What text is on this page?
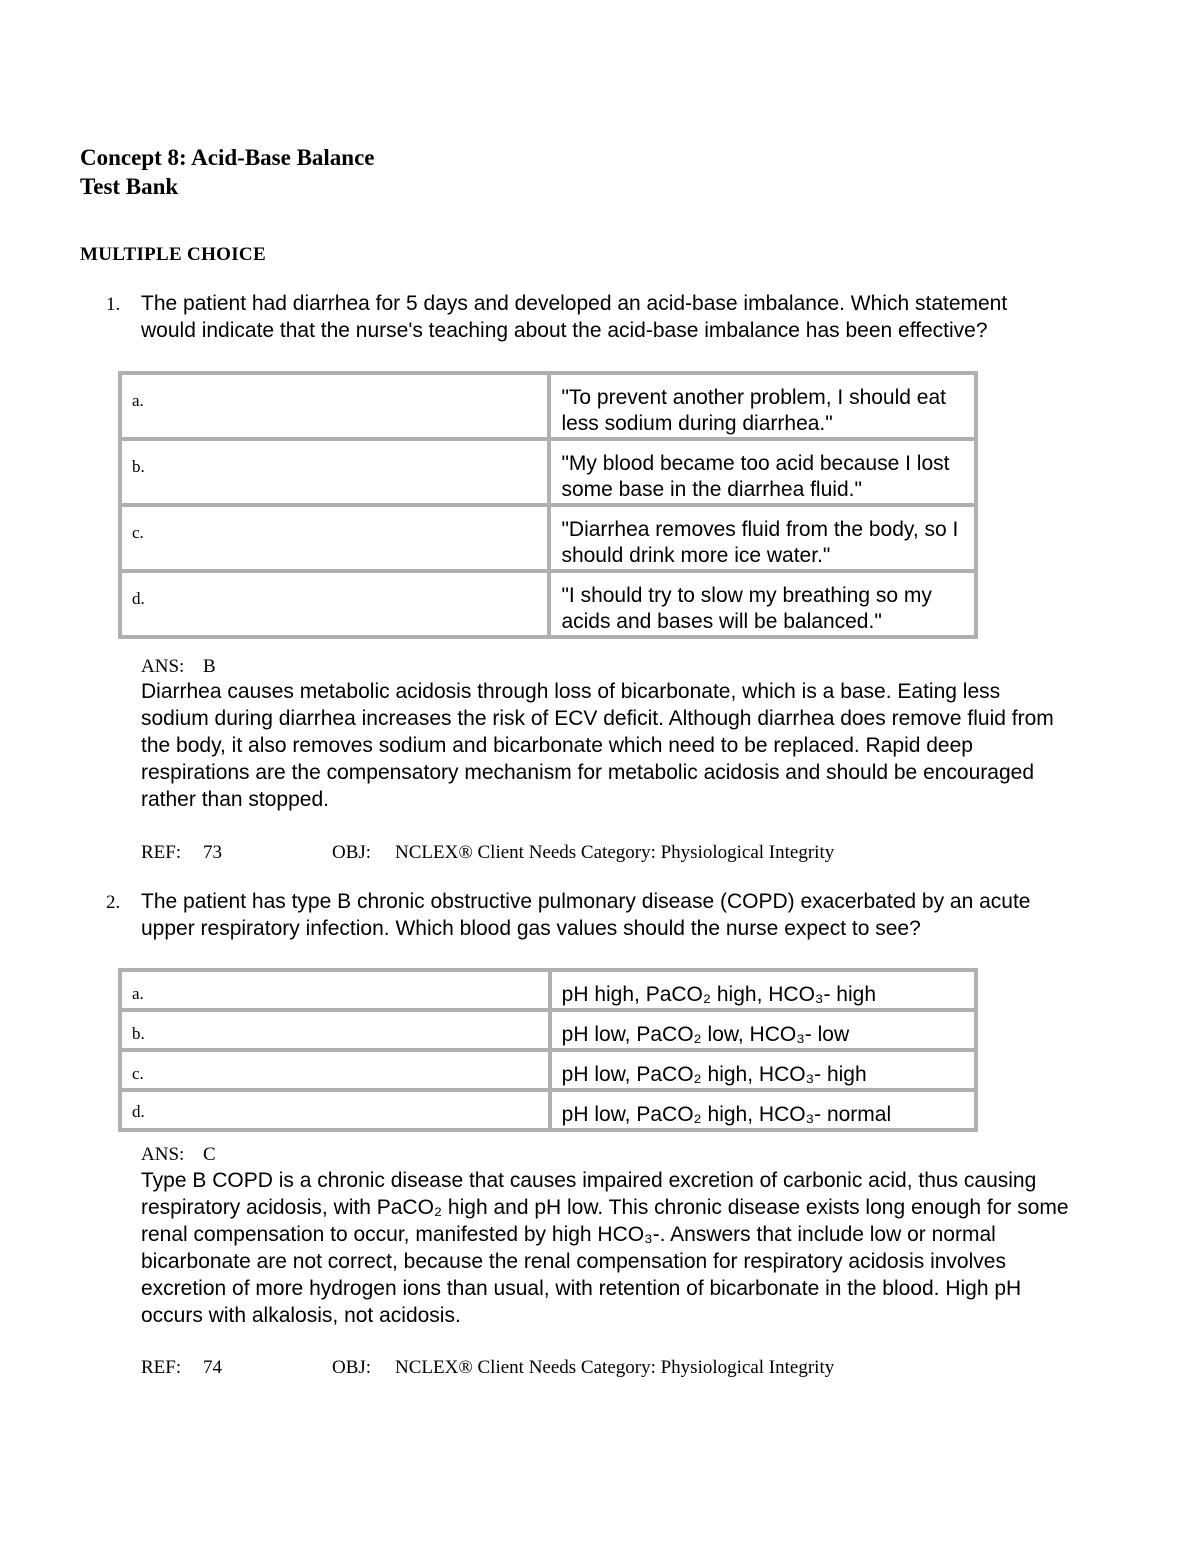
Concept 8: Acid-Base Balance
Test Bank
MULTIPLE CHOICE
1. The patient had diarrhea for 5 days and developed an acid-base imbalance. Which statement would indicate that the nurse's teaching about the acid-base imbalance has been effective?
a.	"To prevent another problem, I should eat less sodium during diarrhea."
b.	"My blood became too acid because I lost some base in the diarrhea fluid."
c.	"Diarrhea removes fluid from the body, so I should drink more ice water."
d.	"I should try to slow my breathing so my acids and bases will be balanced."
ANS: B
Diarrhea causes metabolic acidosis through loss of bicarbonate, which is a base. Eating less sodium during diarrhea increases the risk of ECV deficit. Although diarrhea does remove fluid from the body, it also removes sodium and bicarbonate which need to be replaced. Rapid deep respirations are the compensatory mechanism for metabolic acidosis and should be encouraged rather than stopped.
REF: 73	OBJ: NCLEX® Client Needs Category: Physiological Integrity
2. The patient has type B chronic obstructive pulmonary disease (COPD) exacerbated by an acute upper respiratory infection. Which blood gas values should the nurse expect to see?
a.	pH high, PaCO₂ high, HCO₃- high
b.	pH low, PaCO₂ low, HCO₃- low
c.	pH low, PaCO₂ high, HCO₃- high
d.	pH low, PaCO₂ high, HCO₃- normal
ANS: C
Type B COPD is a chronic disease that causes impaired excretion of carbonic acid, thus causing respiratory acidosis, with PaCO₂ high and pH low. This chronic disease exists long enough for some renal compensation to occur, manifested by high HCO₃-. Answers that include low or normal bicarbonate are not correct, because the renal compensation for respiratory acidosis involves excretion of more hydrogen ions than usual, with retention of bicarbonate in the blood. High pH occurs with alkalosis, not acidosis.
REF: 74	OBJ: NCLEX® Client Needs Category: Physiological Integrity
